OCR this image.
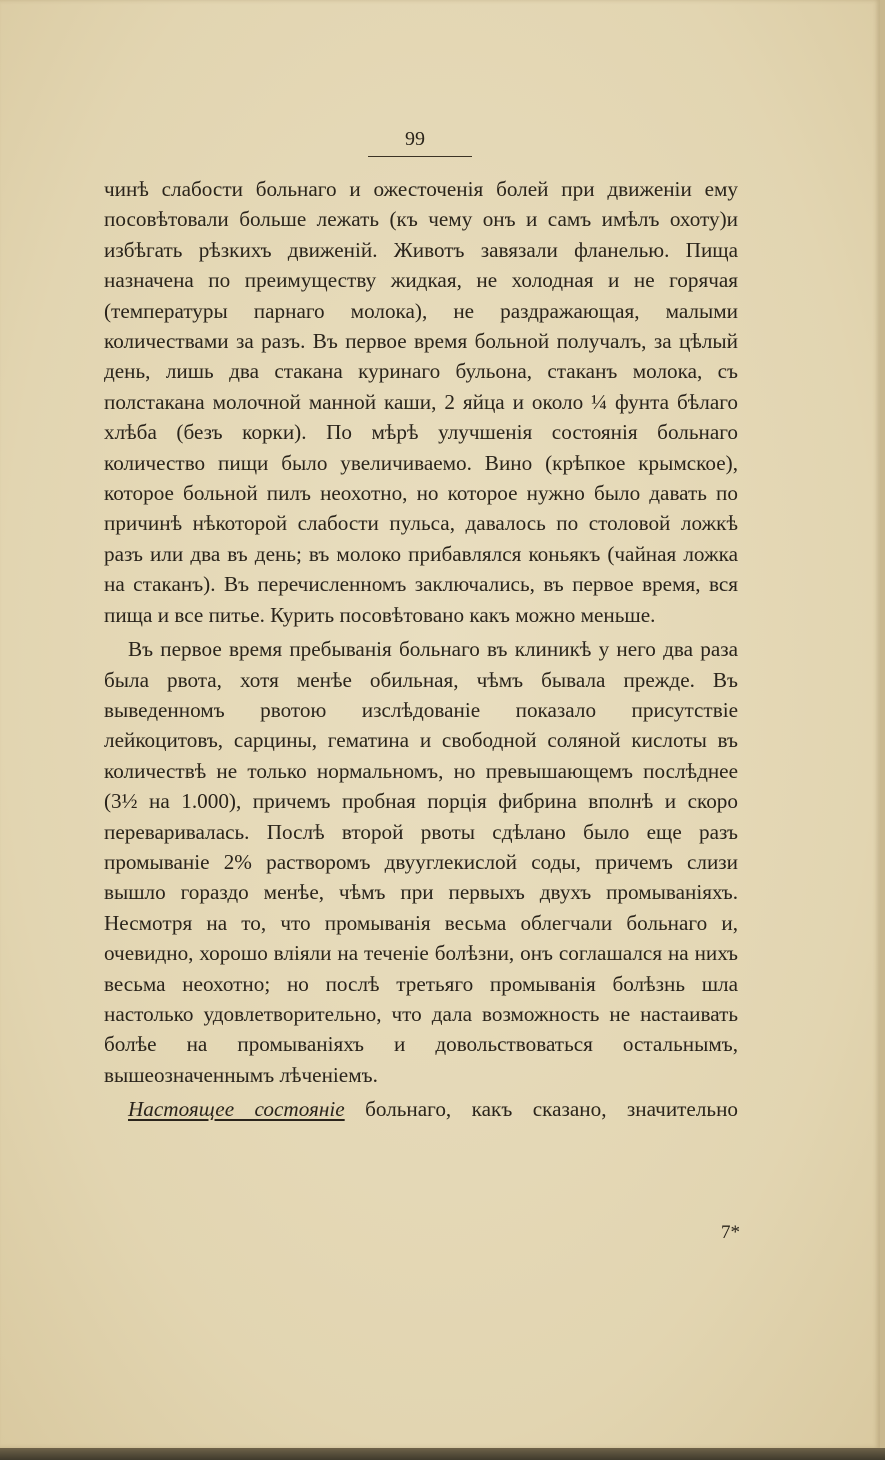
99

чинѣ слабости больнаго и ожесточенія болей при движеніи ему посовѣтовали больше лежать (къ чему онъ и самъ имѣлъ охоту)и избѣгать рѣзкихъ движеній. Животъ завязали фланелью. Пища назначена по преимуществу жидкая, не холодная и не горячая (температуры парнаго молока), не раздражающая, малыми количествами за разъ. Въ первое время больной получалъ, за цѣлый день, лишь два стакана куринаго бульона, стаканъ молока, съ полстакана молочной манной каши, 2 яйца и около ¼ фунта бѣлаго хлѣба (безъ корки). По мѣрѣ улучшенія состоянія больнаго количество пищи было увеличиваемо. Вино (крѣпкое крымское), которое больной пилъ неохотно, но которое нужно было давать по причинѣ нѣкоторой слабости пульса, давалось по столовой ложкѣ разъ или два въ день; въ молоко прибавлялся коньякъ (чайная ложка на стаканъ). Въ перечисленномъ заключались, въ первое время, вся пища и все питье. Курить посовѣтовано какъ можно меньше.

Въ первое время пребыванія больнаго въ клиникѣ у него два раза была рвота, хотя менѣе обильная, чѣмъ бывала прежде. Въ выведенномъ рвотою изслѣдованіе показало присутствіе лейкоцитовъ, сарцины, гематина и свободной соляной кислоты въ количествѣ не только нормальномъ, но превышающемъ послѣднее (3½ на 1.000), причемъ пробная порція фибрина вполнѣ и скоро переваривалась. Послѣ второй рвоты сдѣлано было еще разъ промываніе 2% растворомъ двууглекислой соды, причемъ слизи вышло гораздо менѣе, чѣмъ при первыхъ двухъ промываніяхъ. Несмотря на то, что промыванія весьма облегчали больнаго и, очевидно, хорошо вліяли на теченіе болѣзни, онъ соглашался на нихъ весьма неохотно; но послѣ третьяго промыванія болѣзнь шла настолько удовлетворительно, что дала возможность не настаивать болѣе на промываніяхъ и довольствоваться остальнымъ, вышеозначеннымъ лѣченіемъ.

Настоящее состояніе больнаго, какъ сказано, значительно

7*
